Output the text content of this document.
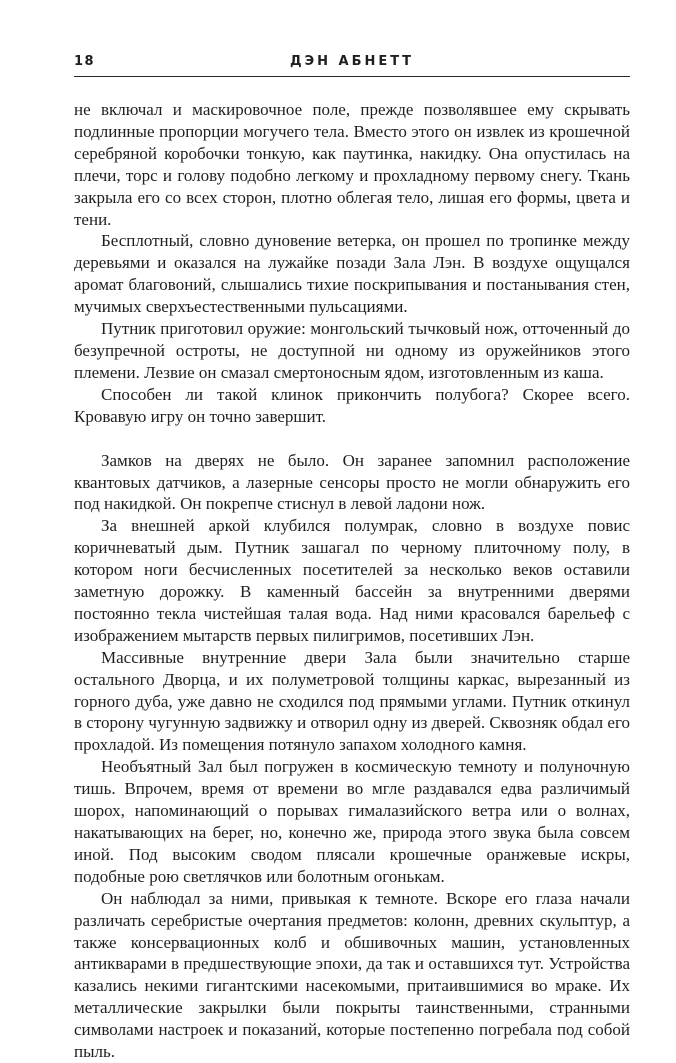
18	ДЭН АБНЕТТ

не включал и маскировочное поле, прежде позволявшее ему скрывать подлинные пропорции могучего тела. Вместо этого он извлек из крошечной серебряной коробочки тонкую, как паутинка, накидку. Она опустилась на плечи, торс и голову подобно легкому и прохладному первому снегу. Ткань закрыла его со всех сторон, плотно облегая тело, лишая его формы, цвета и тени.

Бесплотный, словно дуновение ветерка, он прошел по тропинке между деревьями и оказался на лужайке позади Зала Лэн. В воздухе ощущался аромат благовоний, слышались тихие поскрипывания и постанывания стен, мучимых сверхъестественными пульсациями.

Путник приготовил оружие: монгольский тычковый нож, отточенный до безупречной остроты, не доступной ни одному из оружейников этого племени. Лезвие он смазал смертоносным ядом, изготовленным из каша.

Способен ли такой клинок прикончить полубога? Скорее всего. Кровавую игру он точно завершит.

Замков на дверях не было. Он заранее запомнил расположение квантовых датчиков, а лазерные сенсоры просто не могли обнаружить его под накидкой. Он покрепче стиснул в левой ладони нож.

За внешней аркой клубился полумрак, словно в воздухе повис коричневатый дым. Путник зашагал по черному плиточному полу, в котором ноги бесчисленных посетителей за несколько веков оставили заметную дорожку. В каменный бассейн за внутренними дверями постоянно текла чистейшая талая вода. Над ними красовался барельеф с изображением мытарств первых пилигримов, посетивших Лэн.

Массивные внутренние двери Зала были значительно старше остального Дворца, и их полуметровой толщины каркас, вырезанный из горного дуба, уже давно не сходился под прямыми углами. Путник откинул в сторону чугунную задвижку и отворил одну из дверей. Сквозняк обдал его прохладой. Из помещения потянуло запахом холодного камня.

Необъятный Зал был погружен в космическую темноту и полуночную тишь. Впрочем, время от времени во мгле раздавался едва различимый шорох, напоминающий о порывах гималазийского ветра или о волнах, накатывающих на берег, но, конечно же, природа этого звука была совсем иной. Под высоким сводом плясали крошечные оранжевые искры, подобные рою светлячков или болотным огонькам.

Он наблюдал за ними, привыкая к темноте. Вскоре его глаза начали различать серебристые очертания предметов: колонн, древних скульптур, а также консервационных колб и обшивочных машин, установленных антикварами в предшествующие эпохи, да так и оставшихся тут. Устройства казались некими гигантскими насекомыми, притаившимися во мраке. Их металлические закрылки были покрыты таинственными, странными символами настроек и показаний, которые постепенно погребала под собой пыль.
